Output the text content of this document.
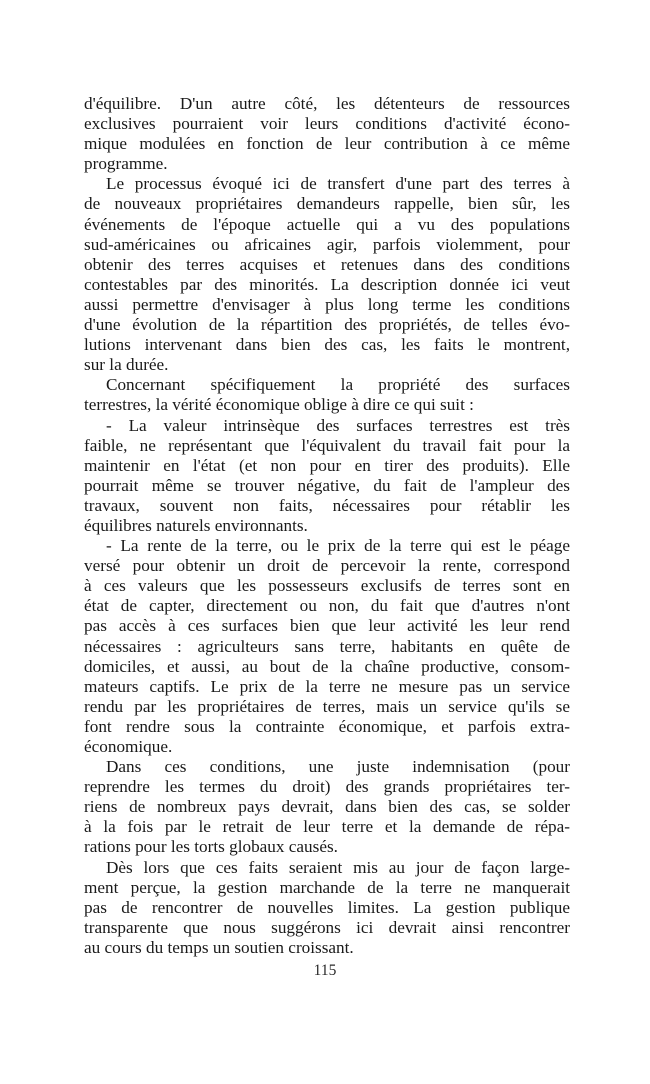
d'équilibre. D'un autre côté, les détenteurs de ressources
exclusives pourraient voir leurs conditions d'activité écono-
mique modulées en fonction de leur contribution à ce même
programme.
Le processus évoqué ici de transfert d'une part des terres à
de nouveaux propriétaires demandeurs rappelle, bien sûr, les
événements de l'époque actuelle qui a vu des populations
sud-américaines ou africaines agir, parfois violemment, pour
obtenir des terres acquises et retenues dans des conditions
contestables par des minorités. La description donnée ici veut
aussi permettre d'envisager à plus long terme les conditions
d'une évolution de la répartition des propriétés, de telles évo-
lutions intervenant dans bien des cas, les faits le montrent,
sur la durée.
Concernant spécifiquement la propriété des surfaces
terrestres, la vérité économique oblige à dire ce qui suit :
- La valeur intrinsèque des surfaces terrestres est très
faible, ne représentant que l'équivalent du travail fait pour la
maintenir en l'état (et non pour en tirer des produits). Elle
pourrait même se trouver négative, du fait de l'ampleur des
travaux, souvent non faits, nécessaires pour rétablir les
équilibres naturels environnants.
- La rente de la terre, ou le prix de la terre qui est le péage
versé pour obtenir un droit de percevoir la rente, correspond
à ces valeurs que les possesseurs exclusifs de terres sont en
état de capter, directement ou non, du fait que d'autres n'ont
pas accès à ces surfaces bien que leur activité les leur rend
nécessaires : agriculteurs sans terre, habitants en quête de
domiciles, et aussi, au bout de la chaîne productive, consom-
mateurs captifs. Le prix de la terre ne mesure pas un service
rendu par les propriétaires de terres, mais un service qu'ils se
font rendre sous la contrainte économique, et parfois extra-
économique.
Dans ces conditions, une juste indemnisation (pour
reprendre les termes du droit) des grands propriétaires ter-
riens de nombreux pays devrait, dans bien des cas, se solder
à la fois par le retrait de leur terre et la demande de répa-
rations pour les torts globaux causés.
Dès lors que ces faits seraient mis au jour de façon large-
ment perçue, la gestion marchande de la terre ne manquerait
pas de rencontrer de nouvelles limites. La gestion publique
transparente que nous suggérons ici devrait ainsi rencontrer
au cours du temps un soutien croissant.
115
